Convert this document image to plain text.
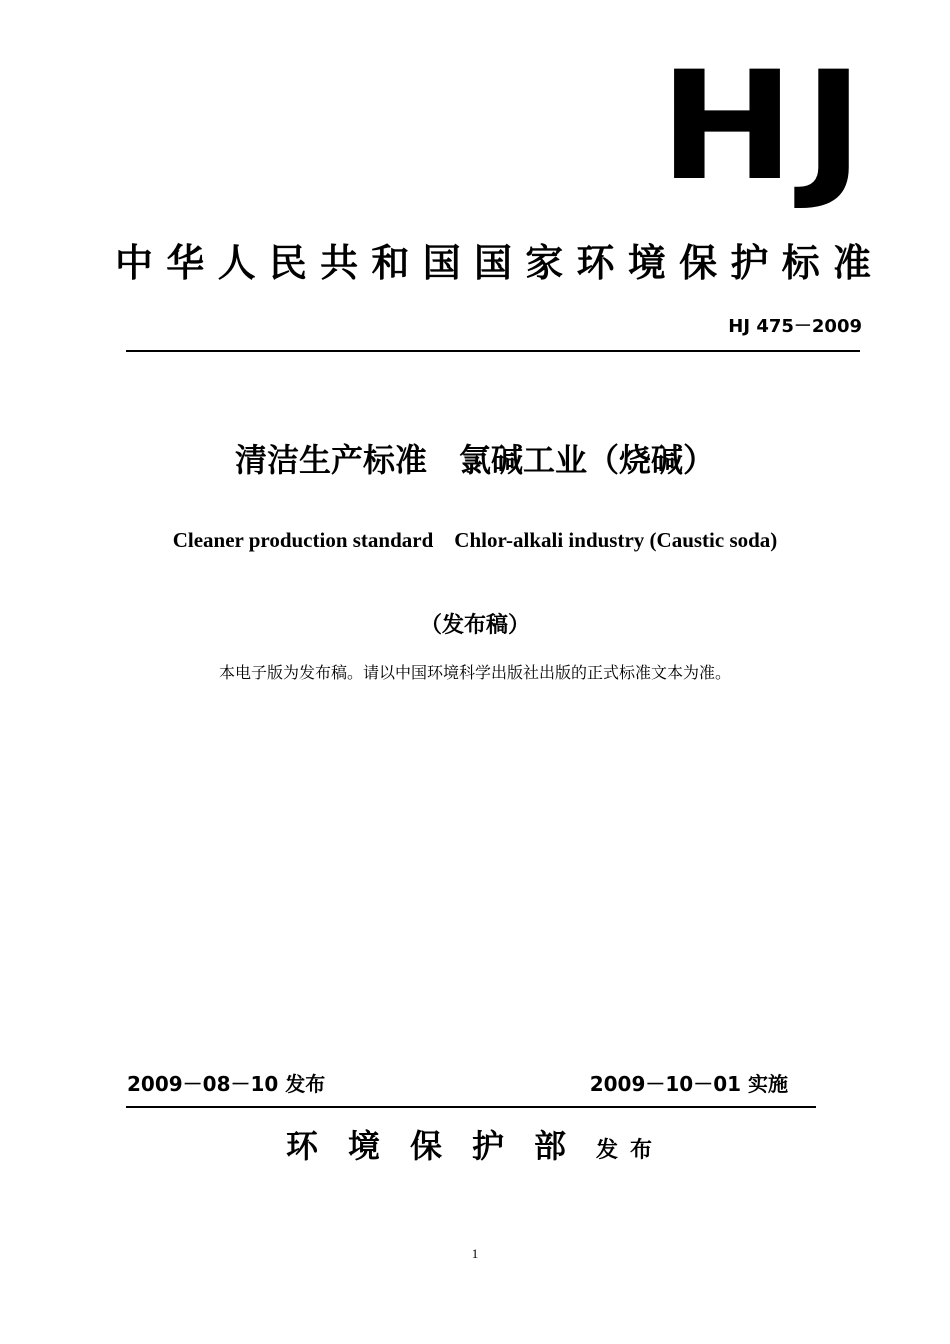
HJ
中华人民共和国国家环境保护标准
HJ 475－2009
清洁生产标准　氯碱工业（烧碱）
Cleaner production standard    Chlor-alkali industry (Caustic soda)
（发布稿）
本电子版为发布稿。请以中国环境科学出版社出版的正式标准文本为准。
2009－08－10 发布	2009－10－01 实施
环境保护部发布
1
